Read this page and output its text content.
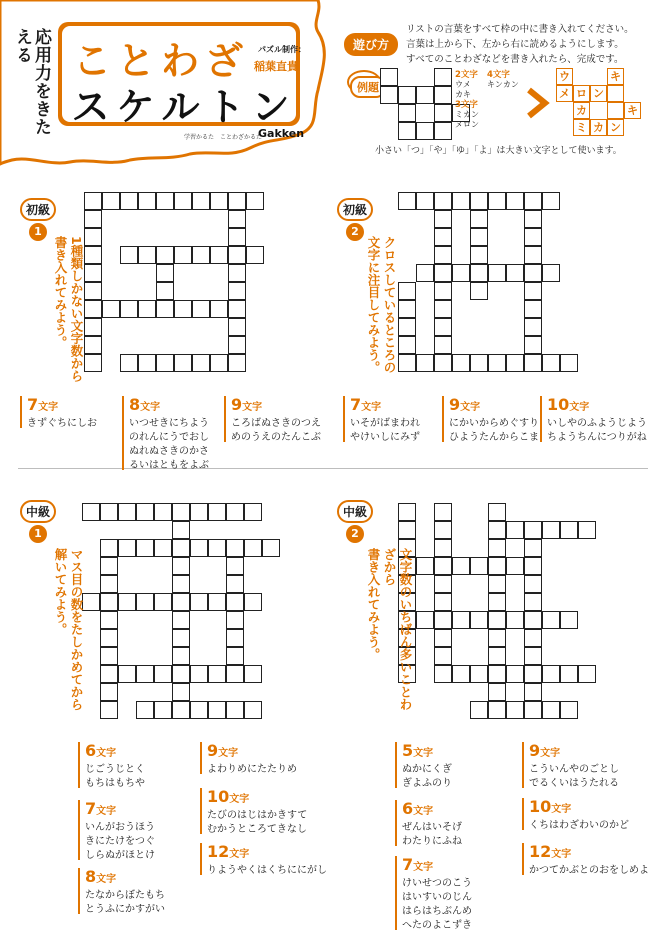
応用力をきたえる	こ と わ ざ
ス ケ ル ト ン
パズル制作：
稲葉直貴
学習かるた　ことわざかるた
Gakken
遊び方
リストの言葉をすべて枠の中に書き入れてください。
言葉は上から下、左から右に読めるようにします。
すべてのことわざなどを書き入れたら、完成です。
例題
2文字
ウメ
カキ
4文字
キンカン
3文字
ミカン
メロン
ウ	キ
メ ロ ン
カ	キ
ミ カ ン
小さい「つ」「や」「ゆ」「よ」は大きい文字として使います。
初級
1
1種類しかない文字数から
書き入れてみよう。
7文字
きずぐちにしお
8文字
いつせきにちよう
のれんにうでおし
ぬれぬさきのかさ
るいはともをよぶ
9文字
ころばぬさきのつえ
めのうえのたんこぶ
初級
2
クロスしているところの
文字に注目してみよう。
7文字
いそがばまわれ
やけいしにみず
9文字
にかいからめぐすり
ひようたんからこま
10文字
いしやのふようじよう
ちようちんにつりがね
中級
1
マス目の数をたしかめてから
解いてみよう。
6文字
じごうじとく
もちはもちや
7文字
いんがおうほう
きにたけをつぐ
しらぬがほとけ
8文字
たなからぼたもち
とうふにかすがい
9文字
よわりめにたたりめ
10文字
たびのはじはかきすて
むかうところてきなし
12文字
りようやくはくちににがし
中級
2
文字数のいちばん多いことわざから
書き入れてみよう。
5文字
ぬかにくぎ
ぎよふのり
6文字
ぜんはいそげ
わたりにふね
7文字
けいせつのこう
はいすいのじん
はらはちぶんめ
へたのよこずき
9文字
こういんやのごとし
でるくいはうたれる
10文字
くちはわざわいのかど
12文字
かつてかぶとのおをしめよ
